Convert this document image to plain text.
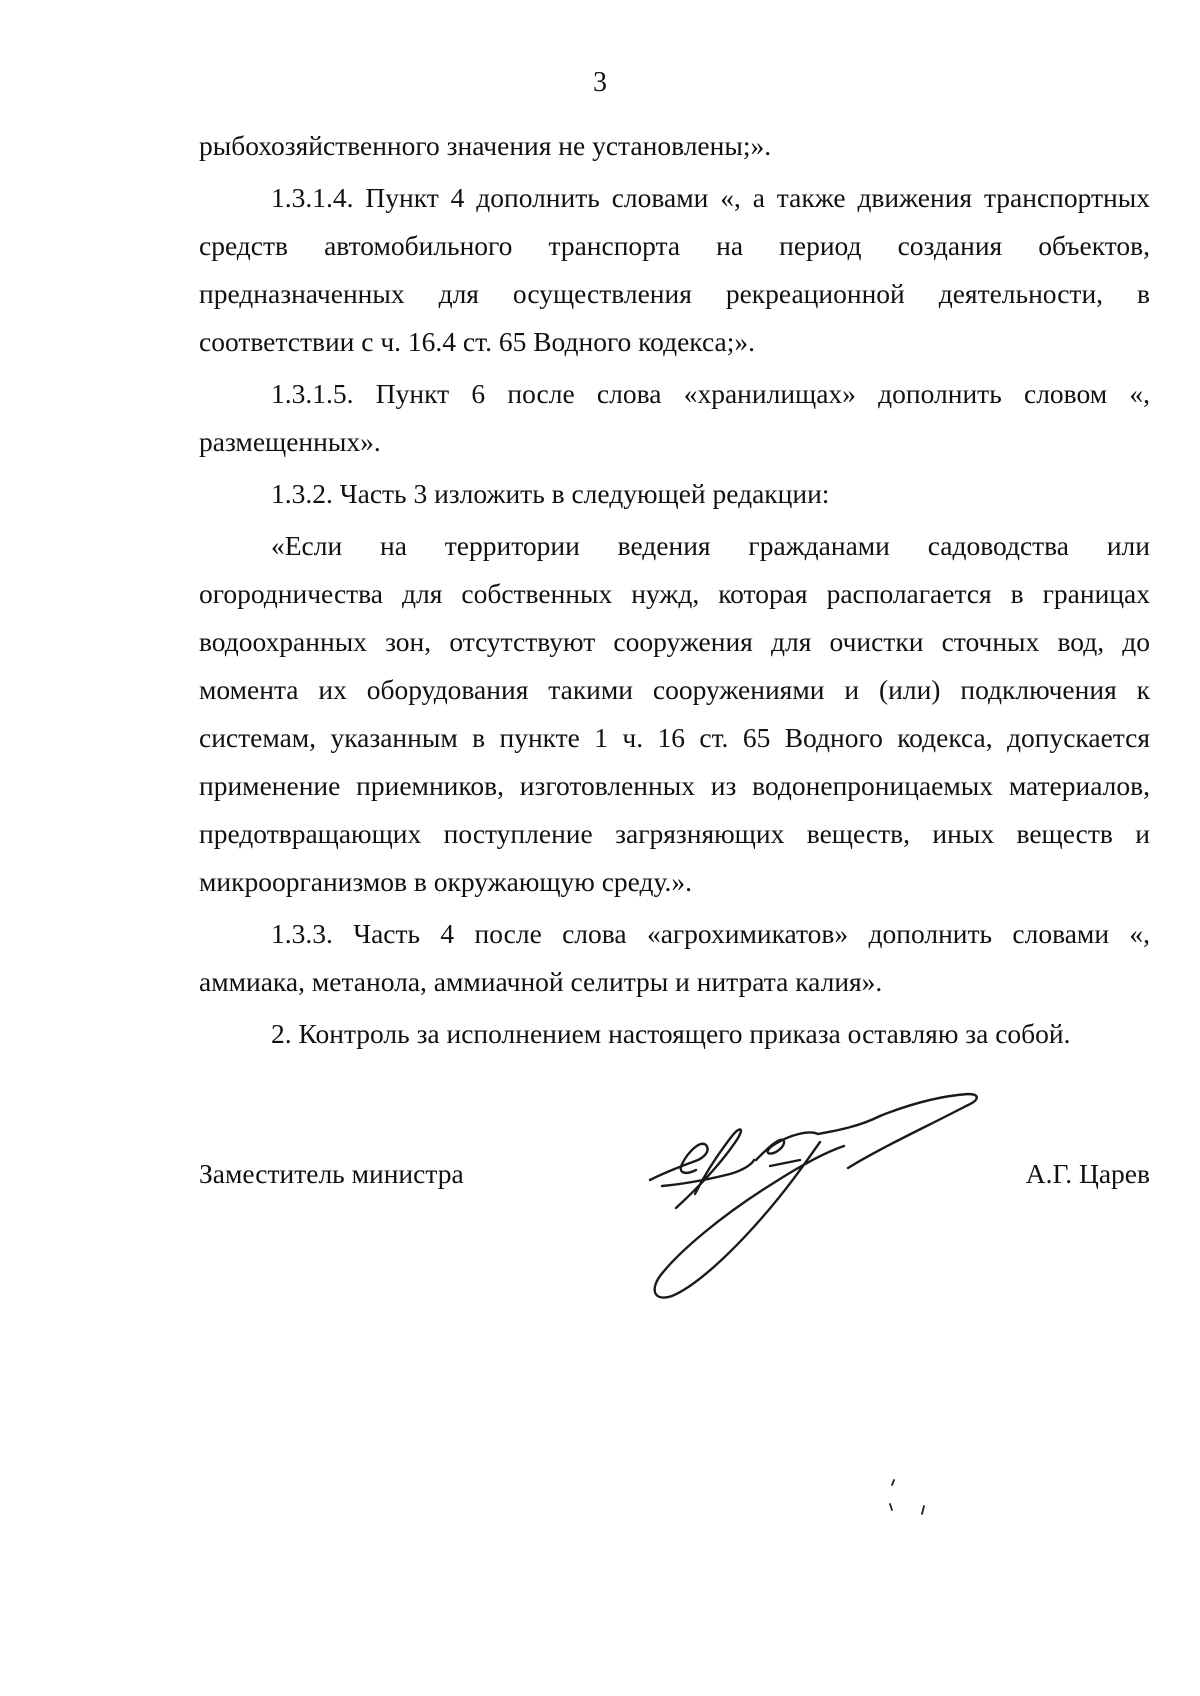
3

рыбохозяйственного значения не установлены;».

1.3.1.4. Пункт 4 дополнить словами «, а также движения транспортных средств автомобильного транспорта на период создания объектов, предназначенных для осуществления рекреационной деятельности, в соответствии с ч. 16.4 ст. 65 Водного кодекса;».

1.3.1.5. Пункт 6 после слова «хранилищах» дополнить словом «, размещенных».

1.3.2. Часть 3 изложить в следующей редакции:

«Если на территории ведения гражданами садоводства или огородничества для собственных нужд, которая располагается в границах водоохранных зон, отсутствуют сооружения для очистки сточных вод, до момента их оборудования такими сооружениями и (или) подключения к системам, указанным в пункте 1 ч. 16 ст. 65 Водного кодекса, допускается применение приемников, изготовленных из водонепроницаемых материалов, предотвращающих поступление загрязняющих веществ, иных веществ и микроорганизмов в окружающую среду.».

1.3.3. Часть 4 после слова «агрохимикатов» дополнить словами «, аммиака, метанола, аммиачной селитры и нитрата калия».

2. Контроль за исполнением настоящего приказа оставляю за собой.

Заместитель министра	А.Г. Царев
